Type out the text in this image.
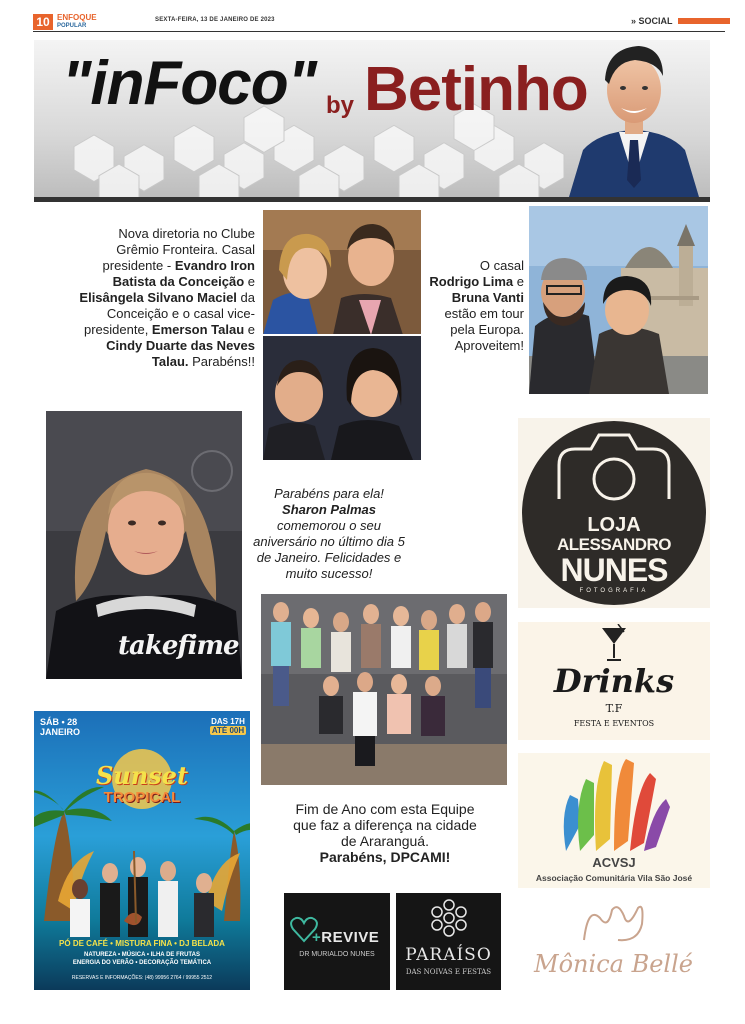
10 ENFOQUE
POPULAR
SEXTA-FEIRA, 13 DE JANEIRO DE 2023	» SOCIAL
"inFoco" by Betinho
Nova diretoria no Clube Grêmio Fronteira. Casal presidente - Evandro Iron Batista da Conceição e Elisângela Silvano Maciel da Conceição e o casal vice-presidente, Emerson Talau e Cindy Duarte das Neves Talau. Parabéns!!
O casal Rodrigo Lima e Bruna Vanti estão em tour pela Europa. Aproveitem!
takefime
Parabéns para ela! Sharon Palmas comemorou o seu aniversário no último dia 5 de Janeiro. Felicidades e muito sucesso!
Fim de Ano com esta Equipe que faz a diferença na cidade de Araranguá.
Parabéns, DPCAMI!
LOJA
ALESSANDRO
NUNES
FOTOGRAFIA
Drinks
T.F
FESTA E EVENTOS
ACVSJ
Associação Comunitária Vila São José
Mônica Bellé
+REVIVE
DR MURIALDO NUNES	PARAÍSO
DAS NOIVAS E FESTAS
SÁB • 28 JANEIRO
DAS 17H
ATÉ 00H
Sunset
TROPICAL
PÓ DE CAFÉ • MISTURA FINA • DJ BELADA
NATUREZA • MÚSICA • ILHA DE FRUTAS
ENERGIA DO VERÃO • DECORAÇÃO TEMÁTICA
RESERVAS E INFORMAÇÕES: (48) 99956 2764 / 99955 2512
